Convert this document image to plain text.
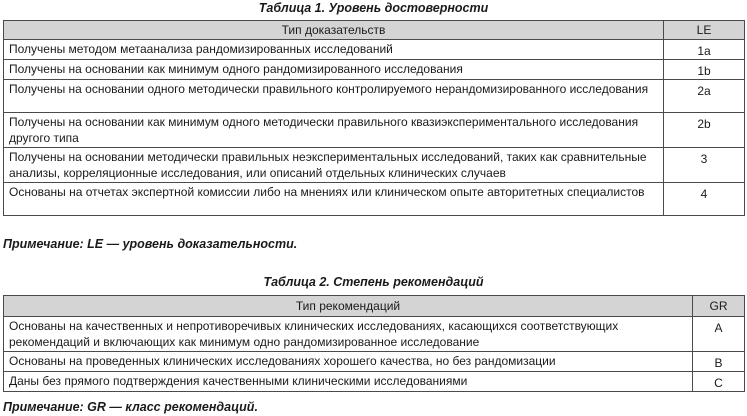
Таблица 1. Уровень достоверности
Тип доказательств	LE
Получены методом метаанализа рандомизированных исследований	1a
Получены на основании как минимум одного рандомизированного исследования	1b
Получены на основании одного методически правильного контролируемого нерандомизированного исследования	2a
Получены на основании как минимум одного методически правильного квазиэкспериментального исследования другого типа	2b
Получены на основании методически правильных неэкспериментальных исследований, таких как сравнительные анализы, корреляционные исследования, или описаний отдельных клинических случаев	3
Основаны на отчетах экспертной комиссии либо на мнениях или клиническом опыте авторитетных специалистов	4
Примечание: LE — уровень доказательности.
Таблица 2. Степень рекомендаций
Тип рекомендаций	GR
Основаны на качественных и непротиворечивых клинических исследованиях, касающихся соответствующих рекомендаций и включающих как минимум одно рандомизированное исследование	A
Основаны на проведенных клинических исследованиях хорошего качества, но без рандомизации	B
Даны без прямого подтверждения качественными клиническими исследованиями	C
Примечание: GR — класс рекомендаций.
